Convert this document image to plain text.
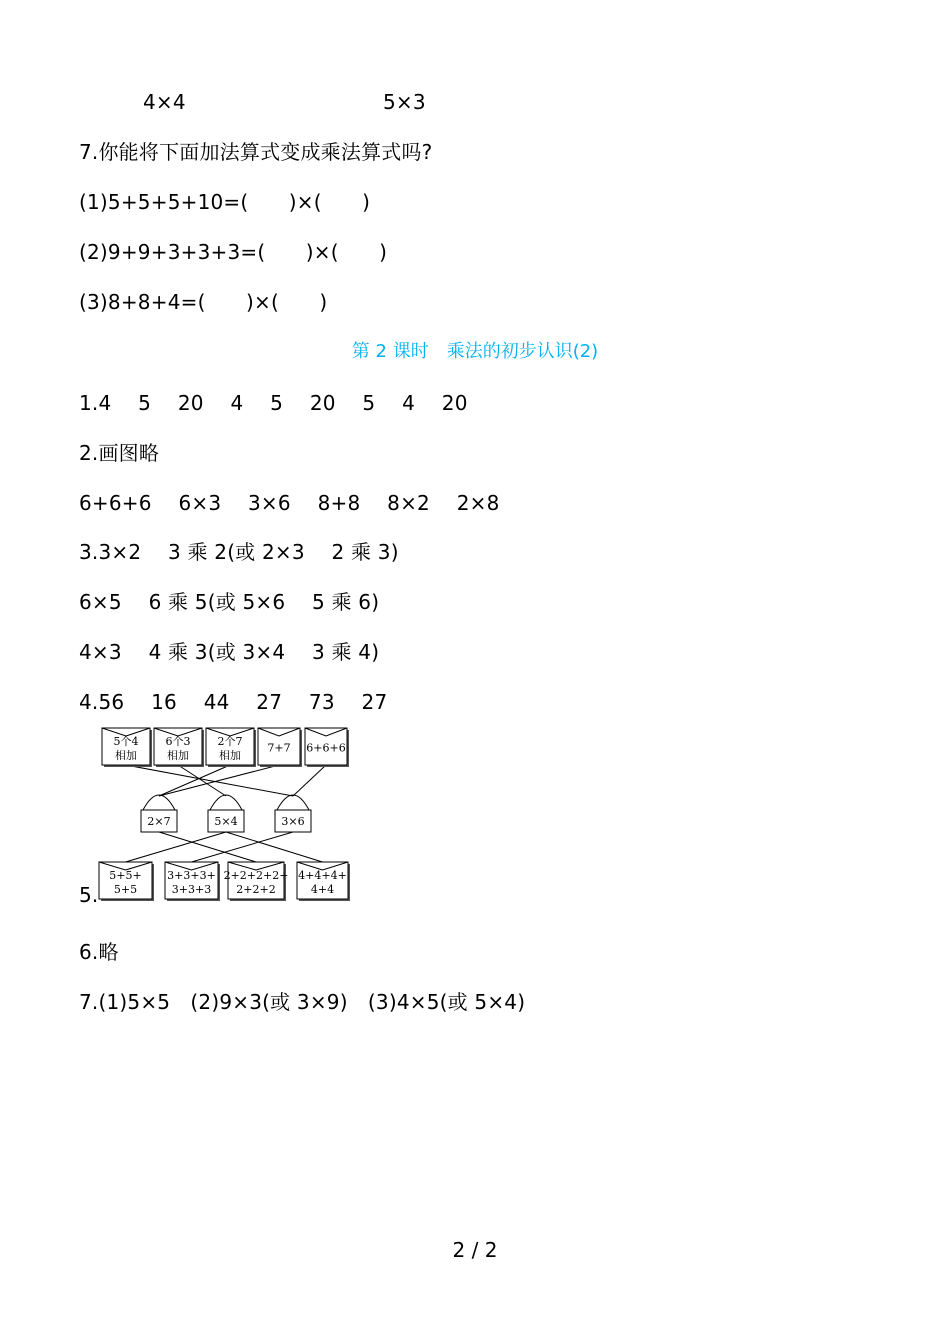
4×4	5×3
7.你能将下面加法算式变成乘法算式吗?
(1)5+5+5+10=(　　)×(　　)
(2)9+9+3+3+3=(　　)×(　　)
(3)8+8+4=(　　)×(　　)
第 2 课时　乘法的初步认识(2)
1.4　 5　 20　 4　 5　 20　 5　 4　 20
2.画图略
6+6+6　 6×3　 3×6　 8+8　 8×2　 2×8
3.3×2　 3 乘 2(或 2×3　 2 乘 3)
6×5　 6 乘 5(或 5×6　 5 乘 6)
4×3　 4 乘 3(或 3×4　 3 乘 4)
4.56　 16　 44　 27　 73　 27
5.
6.略
7.(1)5×5　(2)9×3(或 3×9)　(3)4×5(或 5×4)
5个4
相加
6个3
相加
2个7
相加
7+7 6+6+6
5+5+
5+5
3+3+3+
3+3+3
2+2+2+2+
2+2+2
4+4+4+
4+4
2×7	5×4	3×6
2 / 2
